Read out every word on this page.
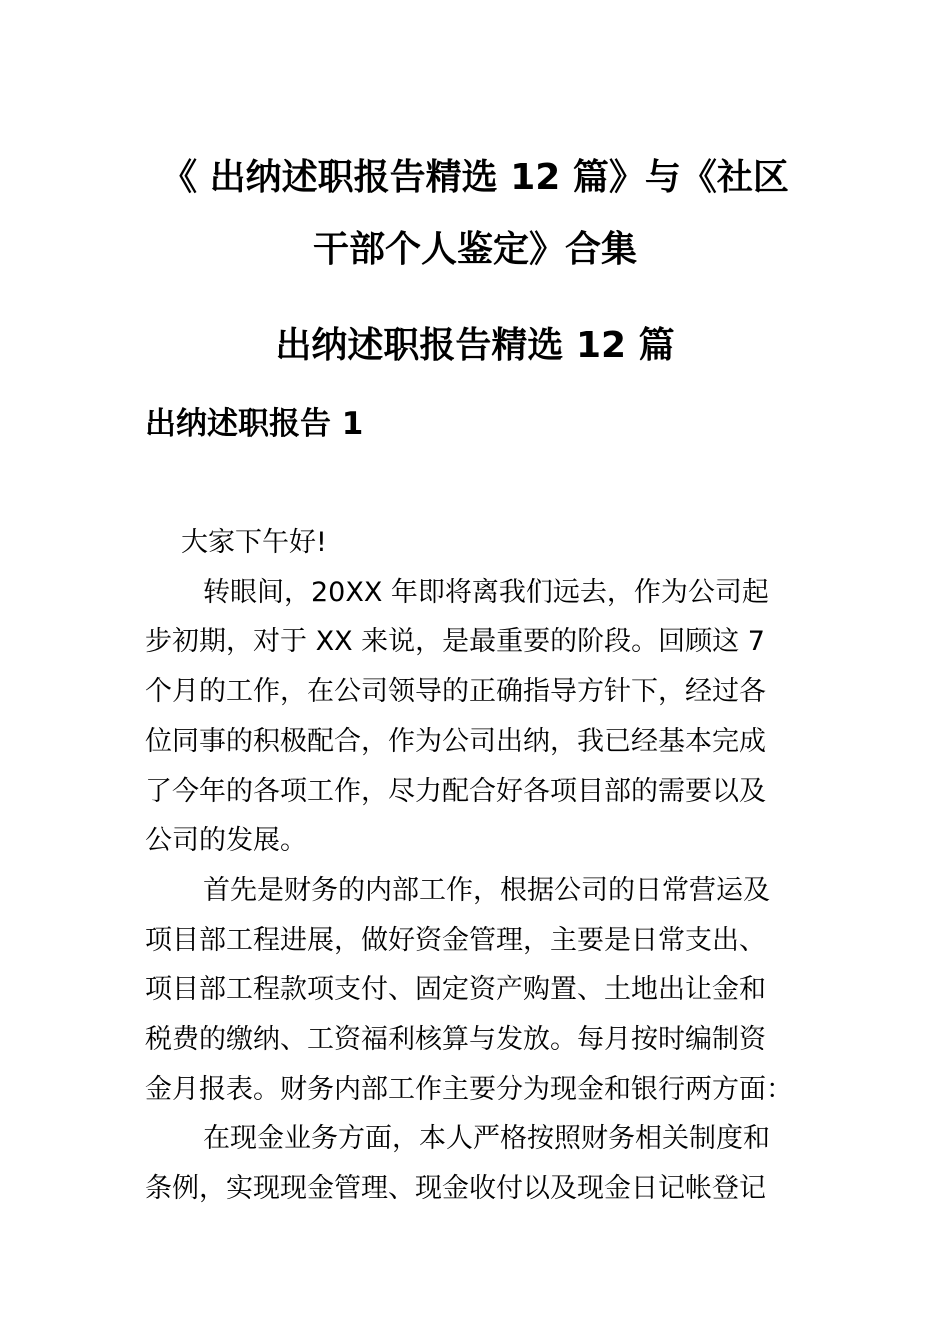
《 出纳述职报告精选 12 篇》与《社区
干部个人鉴定》合集
出纳述职报告精选 12 篇
出纳述职报告 1

大家下午好!

转眼间，20XX 年即将离我们远去，作为公司起
步初期，对于 XX 来说，是最重要的阶段。回顾这 7
个月的工作，在公司领导的正确指导方针下，经过各
位同事的积极配合，作为公司出纳，我已经基本完成
了今年的各项工作，尽力配合好各项目部的需要以及
公司的发展。

首先是财务的内部工作，根据公司的日常营运及
项目部工程进展，做好资金管理，主要是日常支出、
项目部工程款项支付、固定资产购置、土地出让金和
税费的缴纳、工资福利核算与发放。每月按时编制资
金月报表。财务内部工作主要分为现金和银行两方面：

在现金业务方面，本人严格按照财务相关制度和
条例，实现现金管理、现金收付以及现金日记帐登记
